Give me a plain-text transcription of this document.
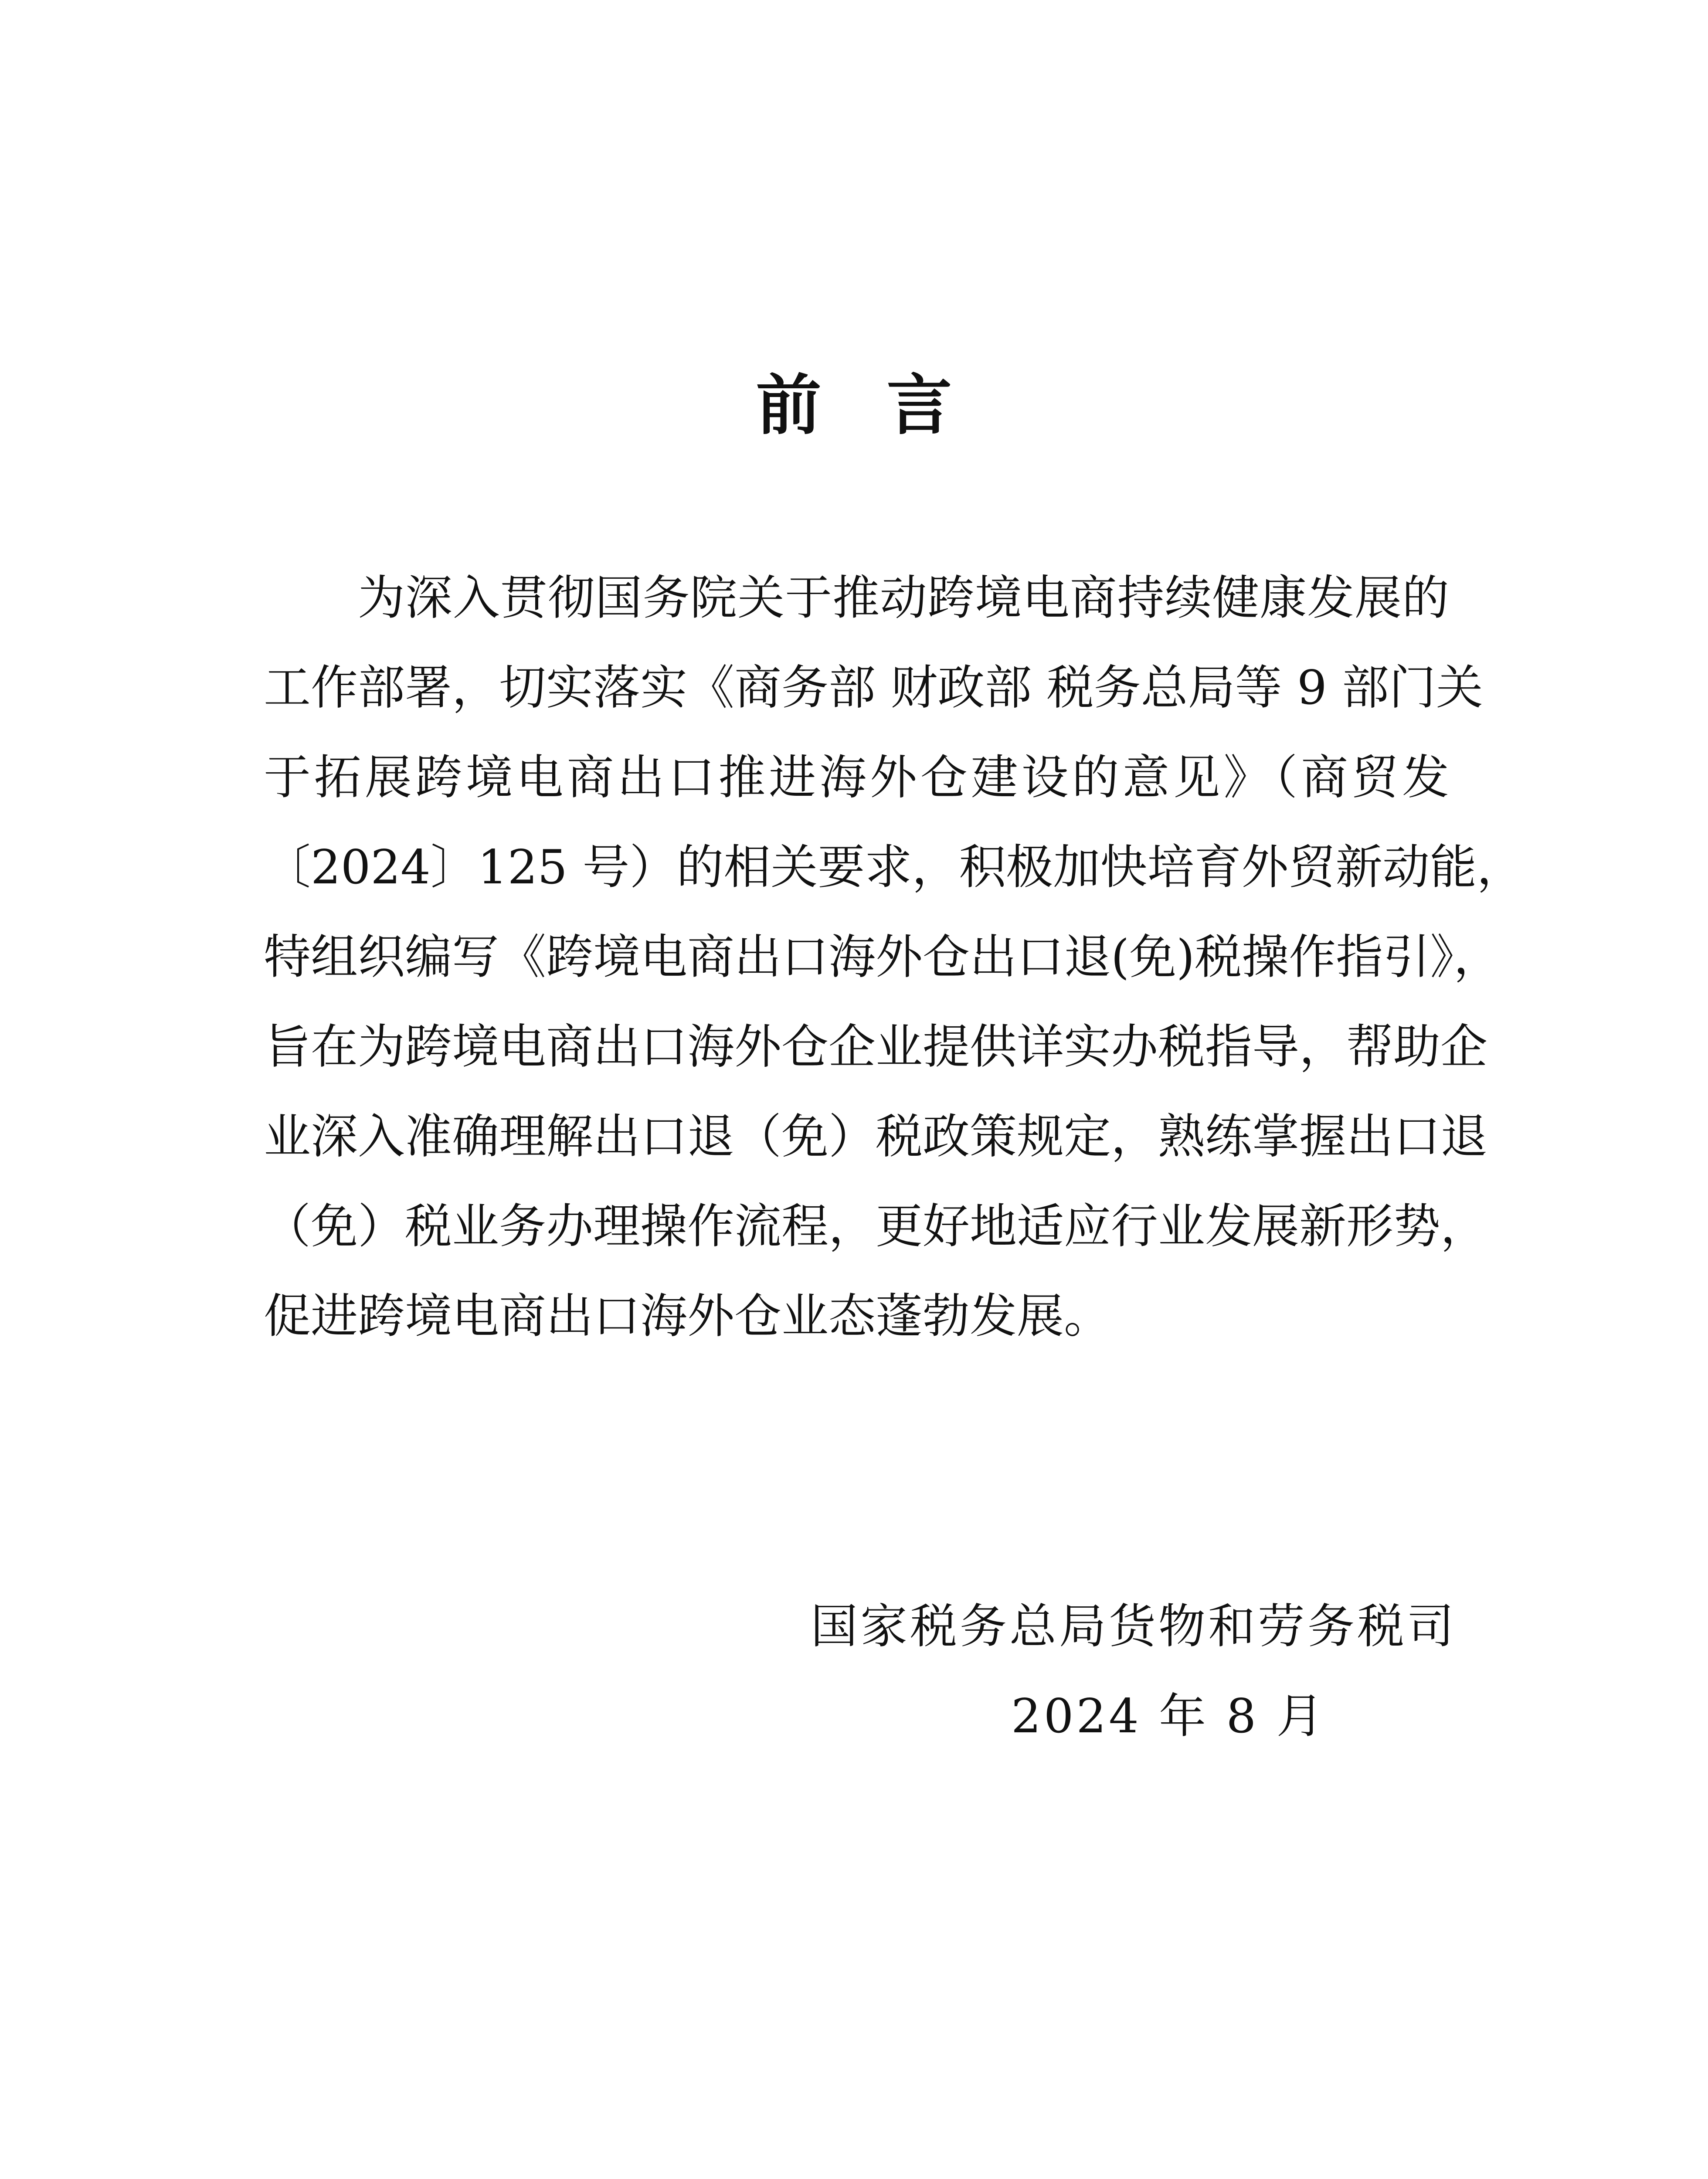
前言
为深入贯彻国务院关于推动跨境电商持续健康发展的
工作部署，切实落实《商务部 财政部 税务总局等 9 部门关
于拓展跨境电商出口推进海外仓建设的意见》（商贸发
〔2024〕125 号）的相关要求，积极加快培育外贸新动能，
特组织编写《跨境电商出口海外仓出口退(免)税操作指引》，
旨在为跨境电商出口海外仓企业提供详实办税指导，帮助企
业深入准确理解出口退（免）税政策规定，熟练掌握出口退
（免）税业务办理操作流程，更好地适应行业发展新形势，
促进跨境电商出口海外仓业态蓬勃发展。
国家税务总局货物和劳务税司
2024 年 8 月
